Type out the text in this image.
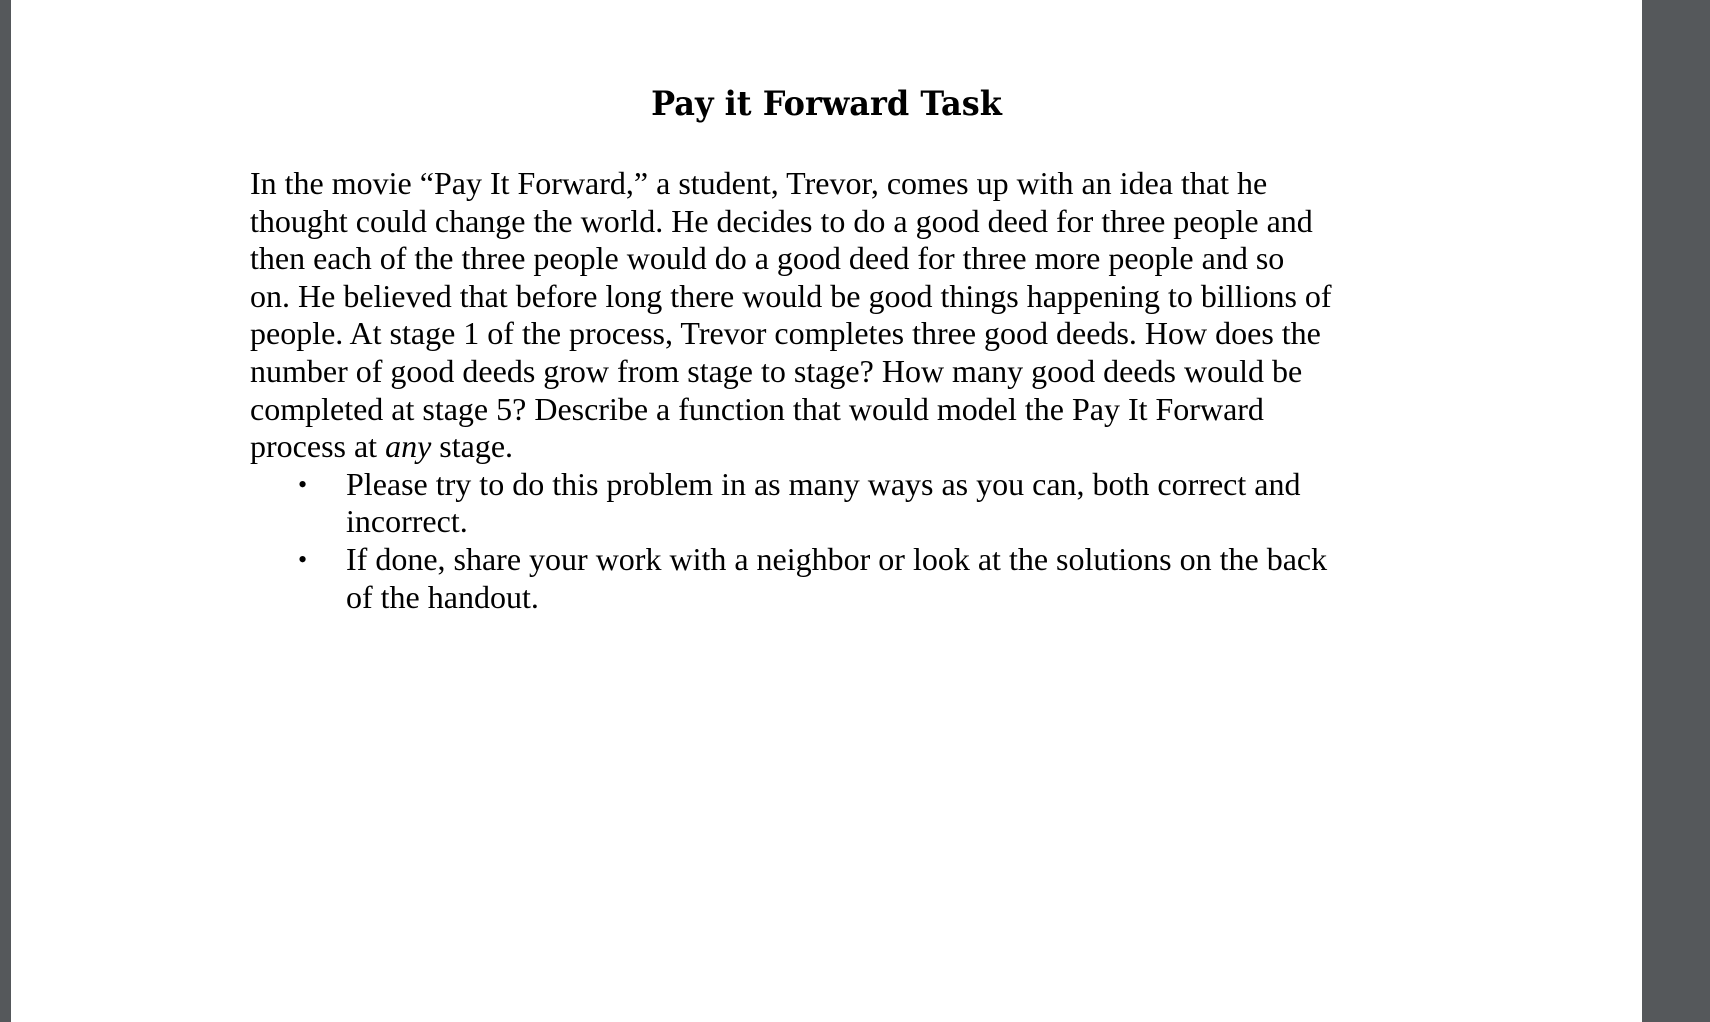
Pay it Forward Task

In the movie “Pay It Forward,” a student, Trevor, comes up with an idea that he
thought could change the world. He decides to do a good deed for three people and
then each of the three people would do a good deed for three more people and so
on. He believed that before long there would be good things happening to billions of
people. At stage 1 of the process, Trevor completes three good deeds. How does the
number of good deeds grow from stage to stage? How many good deeds would be
completed at stage 5? Describe a function that would model the Pay It Forward
process at any stage.

• Please try to do this problem in as many ways as you can, both correct and
incorrect.
• If done, share your work with a neighbor or look at the solutions on the back
of the handout.
